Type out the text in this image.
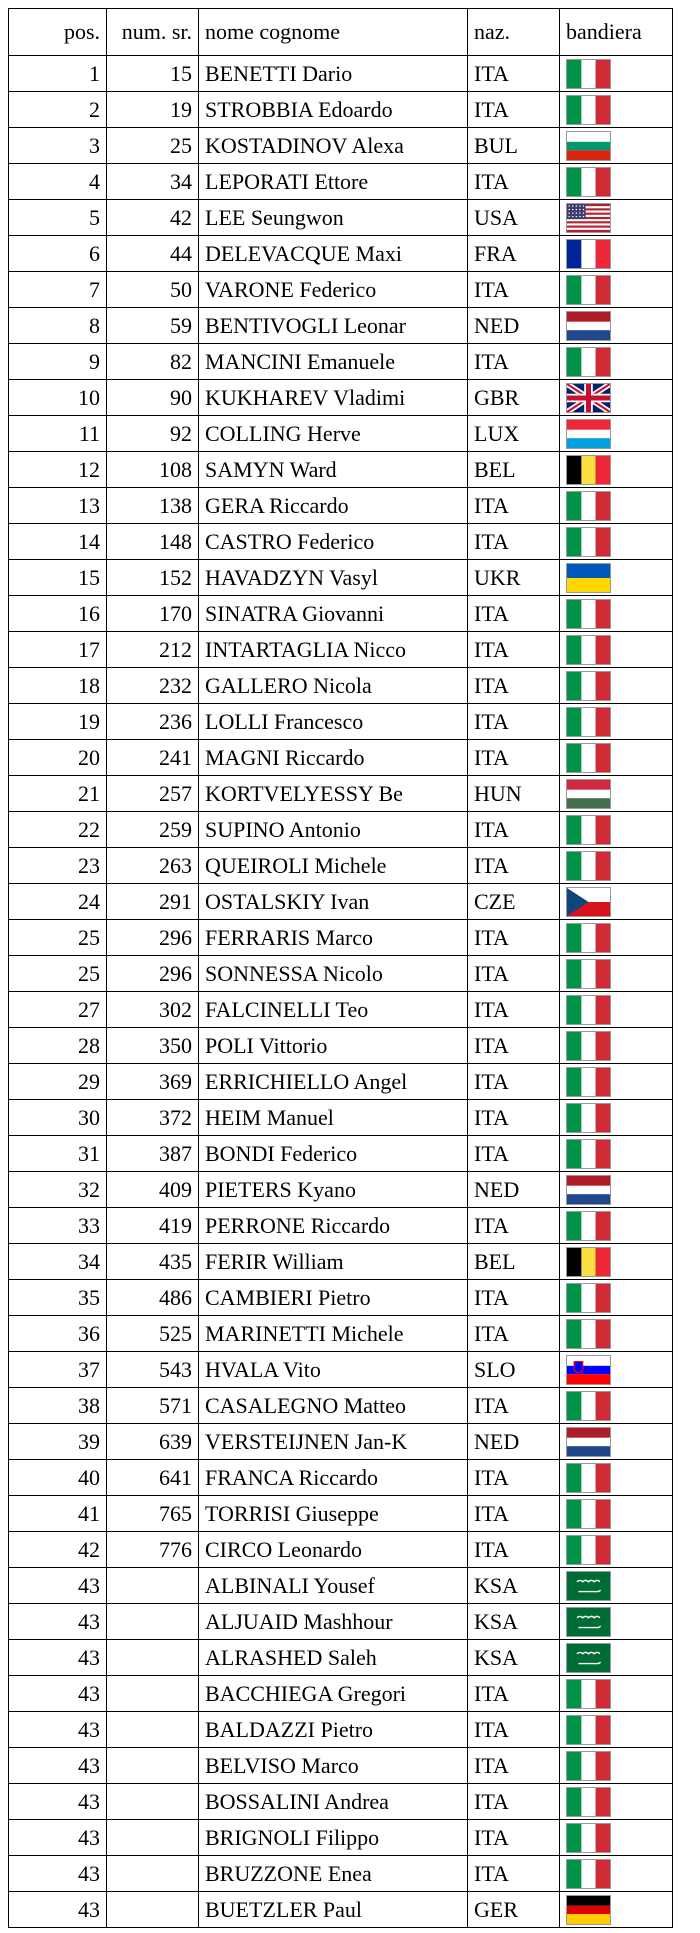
pos.	num. sr.	nome cognome	naz.	bandiera
1	15	BENETTI Dario	ITA	

2	19	STROBBIA Edoardo	ITA	

3	25	KOSTADINOV Alexa	BUL	

4	34	LEPORATI Ettore	ITA	

5	42	LEE Seungwon	USA	

6	44	DELEVACQUE Maxi	FRA	

7	50	VARONE Federico	ITA	

8	59	BENTIVOGLI Leonar	NED	

9	82	MANCINI Emanuele	ITA	

10	90	KUKHAREV Vladimi	GBR	

11	92	COLLING Herve	LUX	

12	108	SAMYN Ward	BEL	

13	138	GERA Riccardo	ITA	

14	148	CASTRO Federico	ITA	

15	152	HAVADZYN Vasyl	UKR	

16	170	SINATRA Giovanni	ITA	

17	212	INTARTAGLIA Nicco	ITA	

18	232	GALLERO Nicola	ITA	

19	236	LOLLI Francesco	ITA	

20	241	MAGNI Riccardo	ITA	

21	257	KORTVELYESSY Be	HUN	

22	259	SUPINO Antonio	ITA	

23	263	QUEIROLI Michele	ITA	

24	291	OSTALSKIY Ivan	CZE	

25	296	FERRARIS Marco	ITA	

25	296	SONNESSA Nicolo	ITA	

27	302	FALCINELLI Teo	ITA	

28	350	POLI Vittorio	ITA	

29	369	ERRICHIELLO Angel	ITA	

30	372	HEIM Manuel	ITA	

31	387	BONDI Federico	ITA	

32	409	PIETERS Kyano	NED	

33	419	PERRONE Riccardo	ITA	

34	435	FERIR William	BEL	

35	486	CAMBIERI Pietro	ITA	

36	525	MARINETTI Michele	ITA	

37	543	HVALA Vito	SLO	

38	571	CASALEGNO Matteo	ITA	

39	639	VERSTEIJNEN Jan-K	NED	

40	641	FRANCA Riccardo	ITA	

41	765	TORRISI Giuseppe	ITA	

42	776	CIRCO Leonardo	ITA	

43		ALBINALI Yousef	KSA	

43		ALJUAID Mashhour	KSA	

43		ALRASHED Saleh	KSA	

43		BACCHIEGA Gregori	ITA	

43		BALDAZZI Pietro	ITA	

43		BELVISO Marco	ITA	

43		BOSSALINI Andrea	ITA	

43		BRIGNOLI Filippo	ITA	

43		BRUZZONE Enea	ITA	

43		BUETZLER Paul	GER	
